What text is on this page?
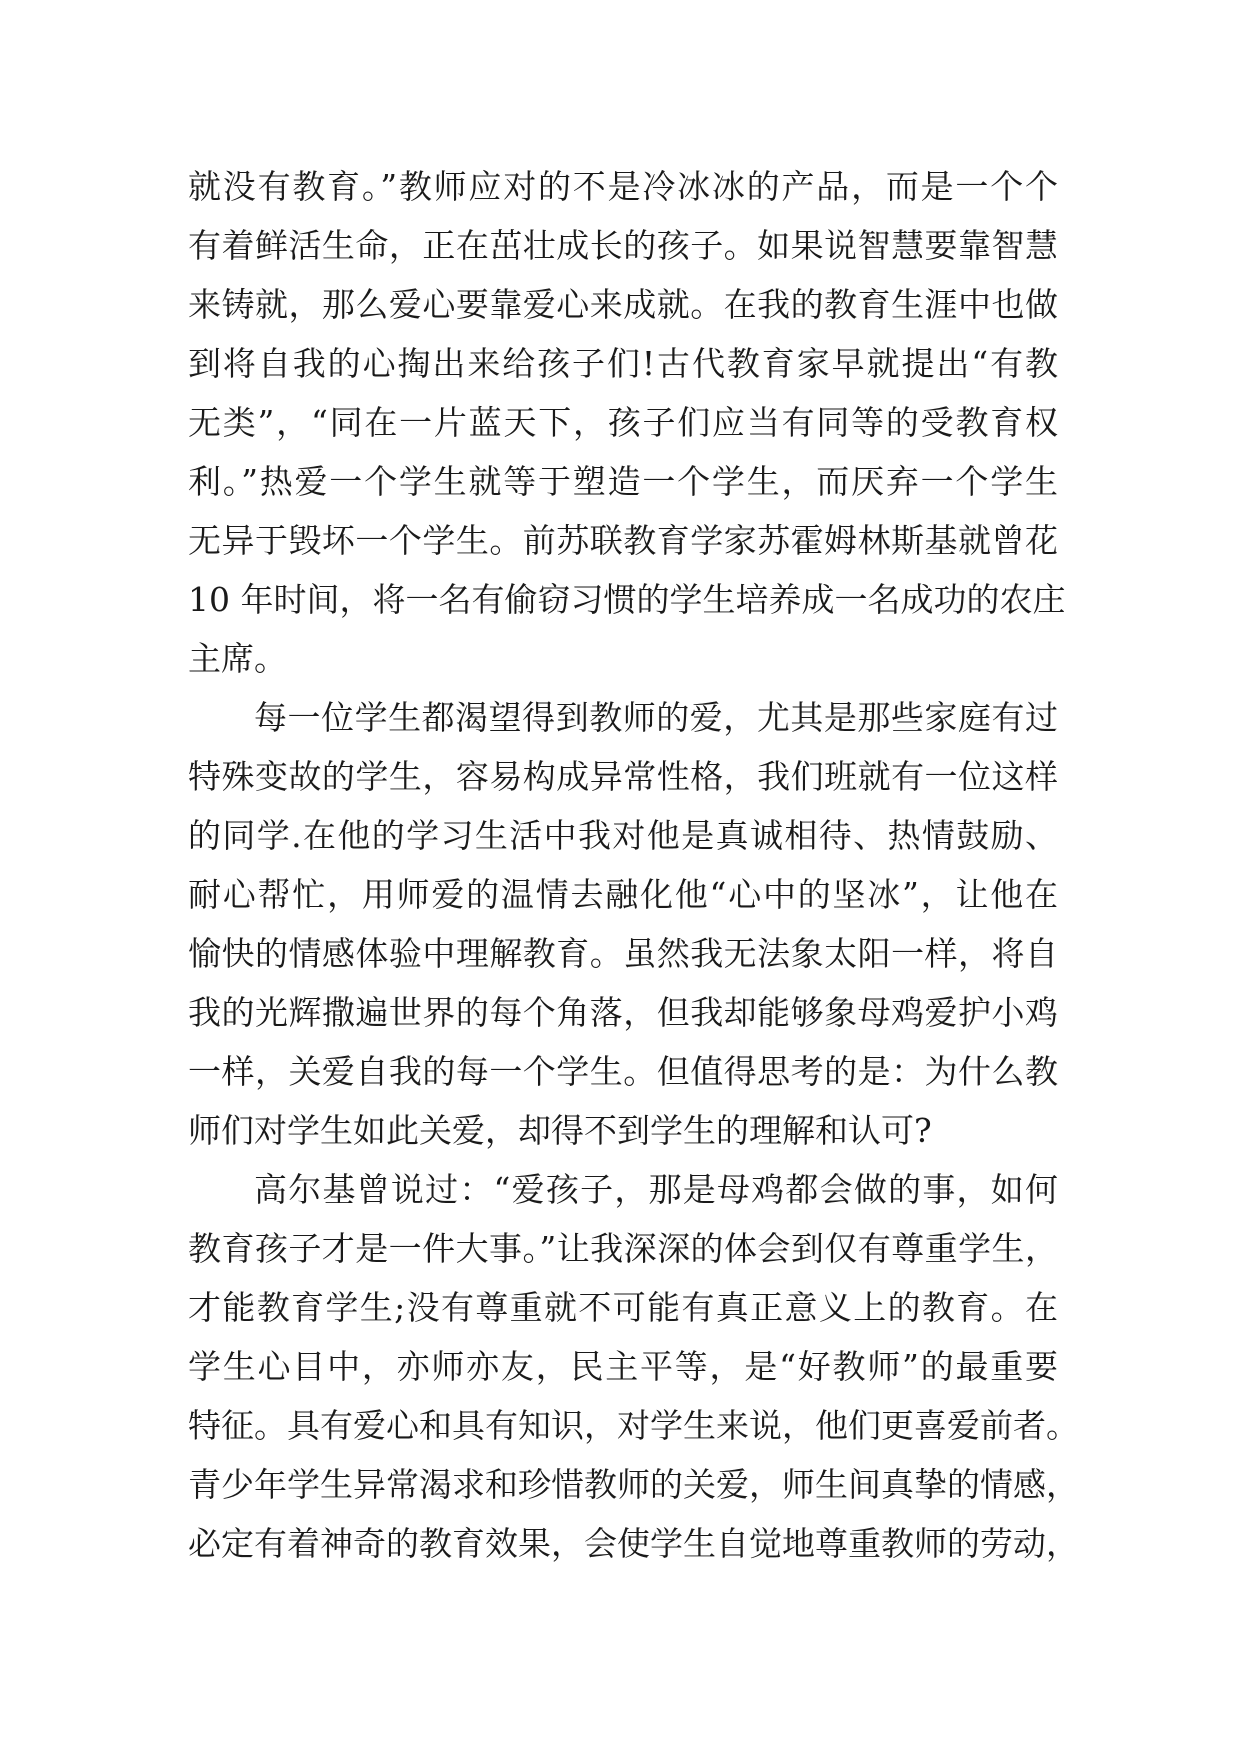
就没有教育。”教师应对的不是冷冰冰的产品，而是一个个
有着鲜活生命，正在茁壮成长的孩子。如果说智慧要靠智慧
来铸就，那么爱心要靠爱心来成就。在我的教育生涯中也做
到将自我的心掏出来给孩子们!古代教育家早就提出“有教
无类”，“同在一片蓝天下，孩子们应当有同等的受教育权
利。”热爱一个学生就等于塑造一个学生，而厌弃一个学生
无异于毁坏一个学生。前苏联教育学家苏霍姆林斯基就曾花
10 年时间，将一名有偷窃习惯的学生培养成一名成功的农庄
主席。
每一位学生都渴望得到教师的爱，尤其是那些家庭有过
特殊变故的学生，容易构成异常性格，我们班就有一位这样
的同学.在他的学习生活中我对他是真诚相待、热情鼓励、
耐心帮忙，用师爱的温情去融化他“心中的坚冰”，让他在
愉快的情感体验中理解教育。虽然我无法象太阳一样，将自
我的光辉撒遍世界的每个角落，但我却能够象母鸡爱护小鸡
一样，关爱自我的每一个学生。但值得思考的是：为什么教
师们对学生如此关爱，却得不到学生的理解和认可?
高尔基曾说过：“爱孩子，那是母鸡都会做的事，如何
教育孩子才是一件大事。”让我深深的体会到仅有尊重学生，
才能教育学生;没有尊重就不可能有真正意义上的教育。在
学生心目中，亦师亦友，民主平等，是“好教师”的最重要
特征。具有爱心和具有知识，对学生来说，他们更喜爱前者。
青少年学生异常渴求和珍惜教师的关爱，师生间真挚的情感，
必定有着神奇的教育效果，会使学生自觉地尊重教师的劳动，
